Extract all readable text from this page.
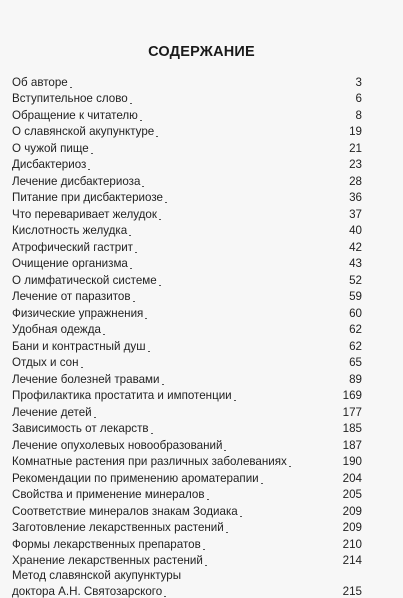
СОДЕРЖАНИЕ
Об авторе	3
Вступительное слово	6
Обращение к читателю	8
О славянской акупунктуре	19
О чужой пище	21
Дисбактериоз	23
Лечение дисбактериоза	28
Питание при дисбактериозе	36
Что переваривает желудок	37
Кислотность желудка	40
Атрофический гастрит	42
Очищение организма	43
О лимфатической системе	52
Лечение от паразитов	59
Физические упражнения	60
Удобная одежда	62
Бани и контрастный душ	62
Отдых и сон	65
Лечение болезней травами	89
Профилактика простатита и импотенции	169
Лечение детей	177
Зависимость от лекарств	185
Лечение опухолевых новообразований	187
Комнатные растения при различных заболеваниях	190
Рекомендации по применению ароматерапии	204
Свойства и применение минералов	205
Соответствие минералов знакам Зодиака	209
Заготовление лекарственных растений	209
Формы лекарственных препаратов	210
Хранение лекарственных растений	214
Метод славянской акупунктуры
доктора А.Н. Святозарского	215
